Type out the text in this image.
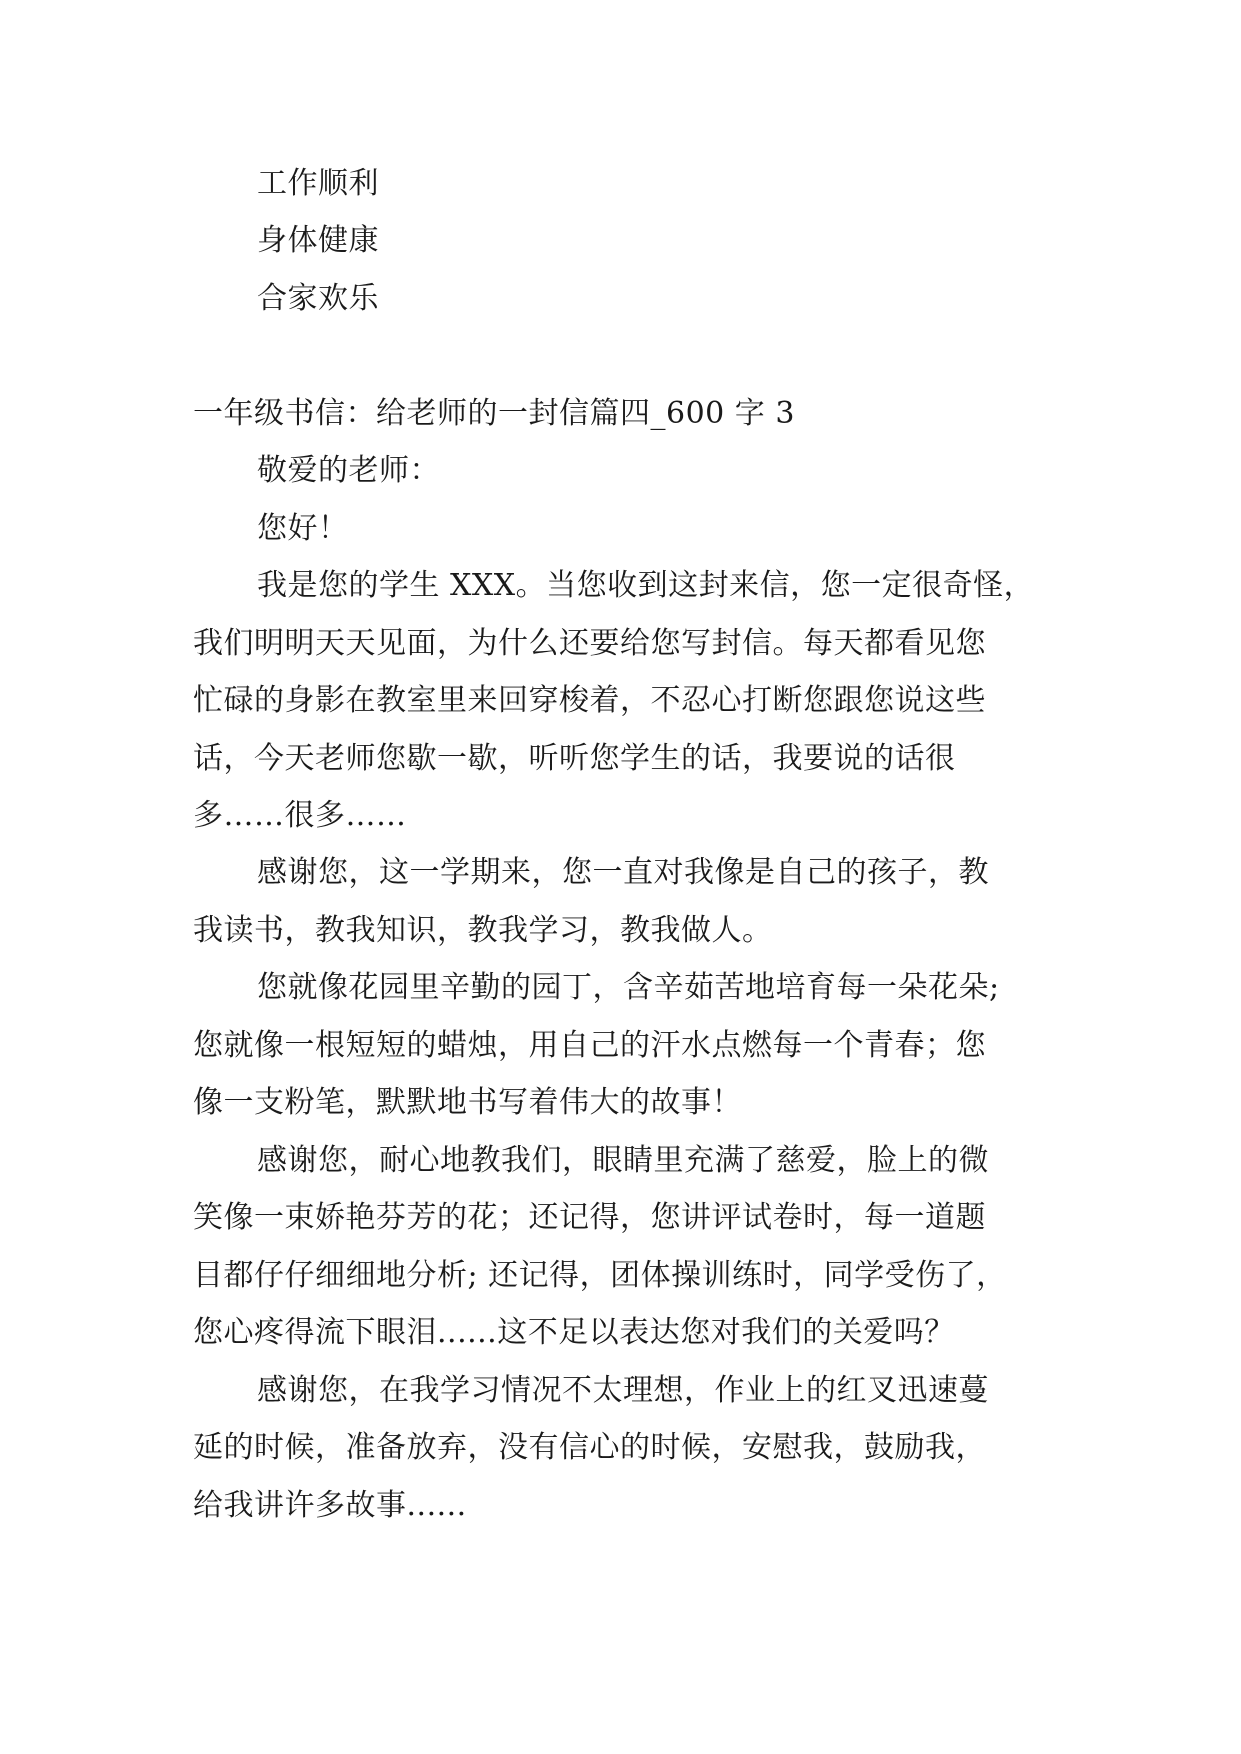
工作顺利
身体健康
合家欢乐
一年级书信：给老师的一封信篇四_600 字 3
敬爱的老师：
您好！
我是您的学生 XXX。当您收到这封来信，您一定很奇怪，
我们明明天天见面，为什么还要给您写封信。每天都看见您
忙碌的身影在教室里来回穿梭着，不忍心打断您跟您说这些
话，今天老师您歇一歇，听听您学生的话，我要说的话很
多……很多……
感谢您，这一学期来，您一直对我像是自己的孩子，教
我读书，教我知识，教我学习，教我做人。
您就像花园里辛勤的园丁，含辛茹苦地培育每一朵花朵;
您就像一根短短的蜡烛，用自己的汗水点燃每一个青春；您
像一支粉笔，默默地书写着伟大的故事！
感谢您，耐心地教我们，眼睛里充满了慈爱，脸上的微
笑像一束娇艳芬芳的花；还记得，您讲评试卷时，每一道题
目都仔仔细细地分析; 还记得，团体操训练时，同学受伤了，
您心疼得流下眼泪......这不足以表达您对我们的关爱吗？
感谢您，在我学习情况不太理想，作业上的红叉迅速蔓
延的时候，准备放弃，没有信心的时候，安慰我，鼓励我，
给我讲许多故事......
